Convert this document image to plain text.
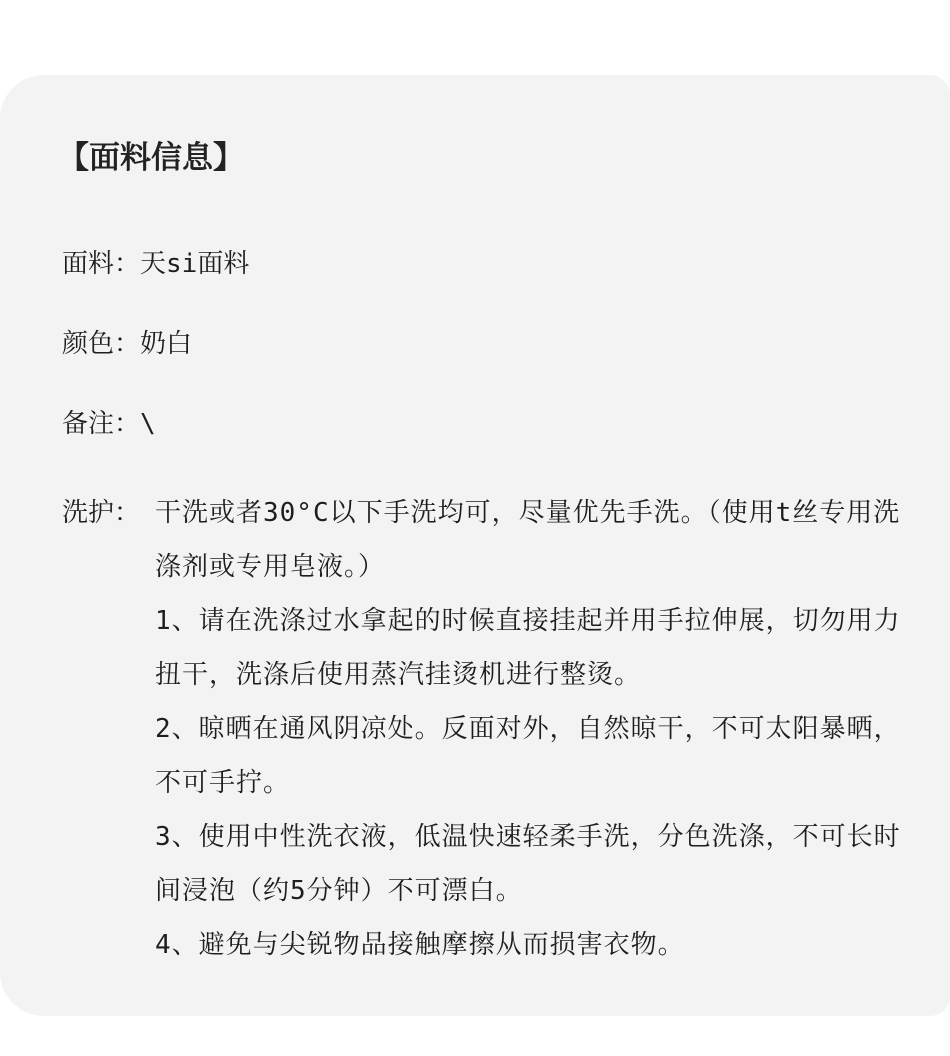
【面料信息】
面料：天si面料
颜色：奶白
备注：\
洗护： 干洗或者30°C以下手洗均可，尽量优先手洗。（使用t丝专用洗涤剂或专用皂液。）

1、请在洗涤过水拿起的时候直接挂起并用手拉伸展，切勿用力扭干，洗涤后使用蒸汽挂烫机进行整烫。

2、晾晒在通风阴凉处。反面对外，自然晾干，不可太阳暴晒，不可手拧。

3、使用中性洗衣液，低温快速轻柔手洗，分色洗涤，不可长时间浸泡（约5分钟）不可漂白。

4、避免与尖锐物品接触摩擦从而损害衣物。
